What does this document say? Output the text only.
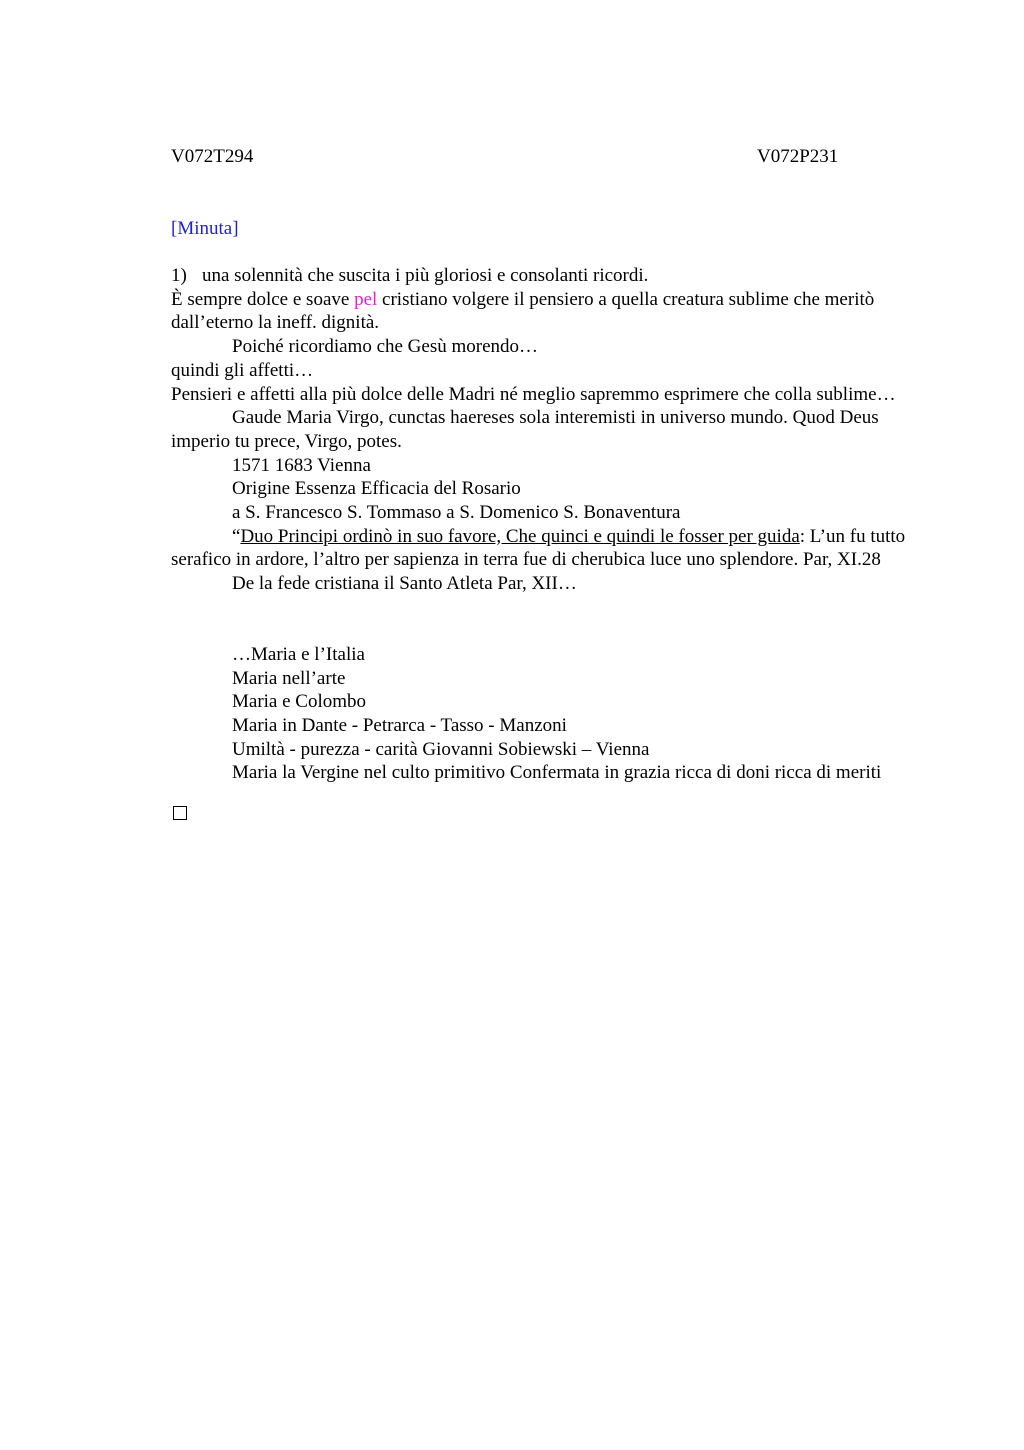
V072T294	V072P231
[Minuta]
1) una solennità che suscita i più gloriosi e consolanti ricordi.
È sempre dolce e soave pel cristiano volgere il pensiero a quella creatura sublime che meritò dall’eterno la ineff. dignità.
Poiché ricordiamo che Gesù morendo…
quindi gli affetti…
Pensieri e affetti alla più dolce delle Madri né meglio sapremmo esprimere che colla sublime…
Gaude Maria Virgo, cunctas haereses sola interemisti in universo mundo. Quod Deus imperio tu prece, Virgo, potes.
1571 1683 Vienna
Origine Essenza Efficacia del Rosario
a S. Francesco S. Tommaso a S. Domenico S. Bonaventura
“Duo Principi ordinò in suo favore, Che quinci e quindi le fosser per guida: L’un fu tutto serafico in ardore, l’altro per sapienza in terra fue di cherubica luce uno splendore. Par, XI.28
De la fede cristiana il Santo Atleta Par, XII…
…Maria e l’Italia
Maria nell’arte
Maria e Colombo
Maria in Dante - Petrarca - Tasso - Manzoni
Umiltà - purezza - carità Giovanni Sobiewski – Vienna
Maria la Vergine nel culto primitivo Confermata in grazia ricca di doni ricca di meriti
